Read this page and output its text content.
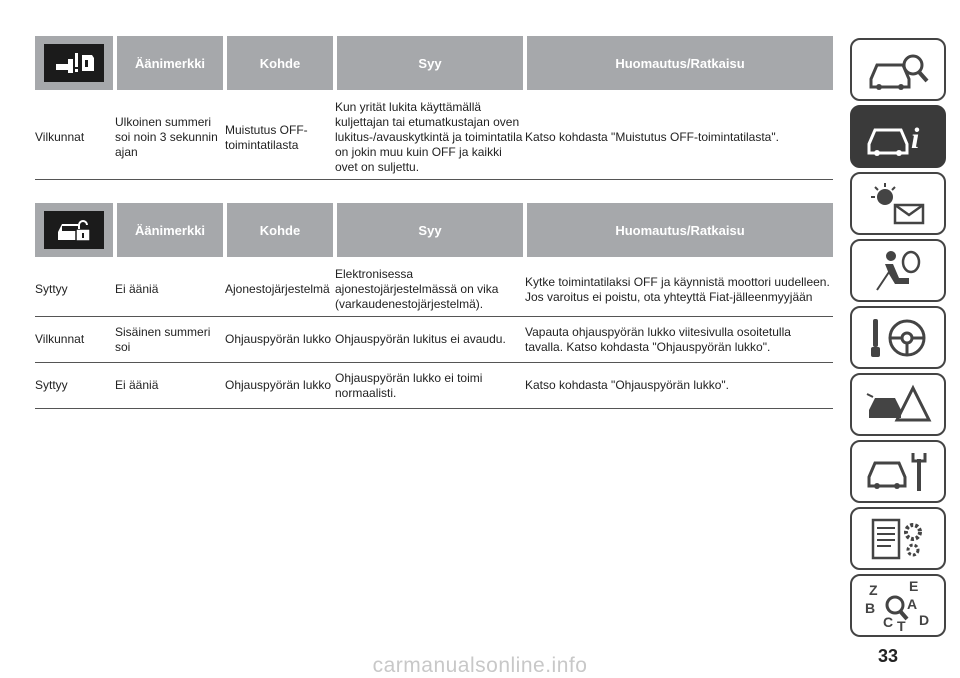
	Äänimerkki	Kohde	Syy	Huomautus/Ratkaisu

Vilkunnat	Ulkoinen summeri soi noin 3 sekunnin ajan	Muistutus OFF-toimintatilasta	Kun yrität lukita käyttämällä kuljettajan tai etumatkustajan oven lukitus-/avauskytkintä ja toimintatila on jokin muu kuin OFF ja kaikki ovet on suljettu.	Katso kohdasta "Muistutus OFF-toimintatilasta".
	Äänimerkki	Kohde	Syy	Huomautus/Ratkaisu

Syttyy	Ei ääniä	Ajonestojärjestelmä	Elektronisessa ajonestojärjestelmässä on vika (varkaudenestojärjestelmä).	Kytke toimintatilaksi OFF ja käynnistä moottori uudelleen. Jos varoitus ei poistu, ota yhteyttä Fiat-jälleenmyyjään
Vilkunnat	Sisäinen summeri soi	Ohjauspyörän lukko	Ohjauspyörän lukitus ei avaudu.	Vapauta ohjauspyörän lukko viitesivulla osoitetulla tavalla. Katso kohdasta "Ohjauspyörän lukko".
Syttyy	Ei ääniä	Ohjauspyörän lukko	Ohjauspyörän lukko ei toimi normaalisti.	Katso kohdasta "Ohjauspyörän lukko".
i
Z E
B A
C T D
33
carmanualsonline.info
